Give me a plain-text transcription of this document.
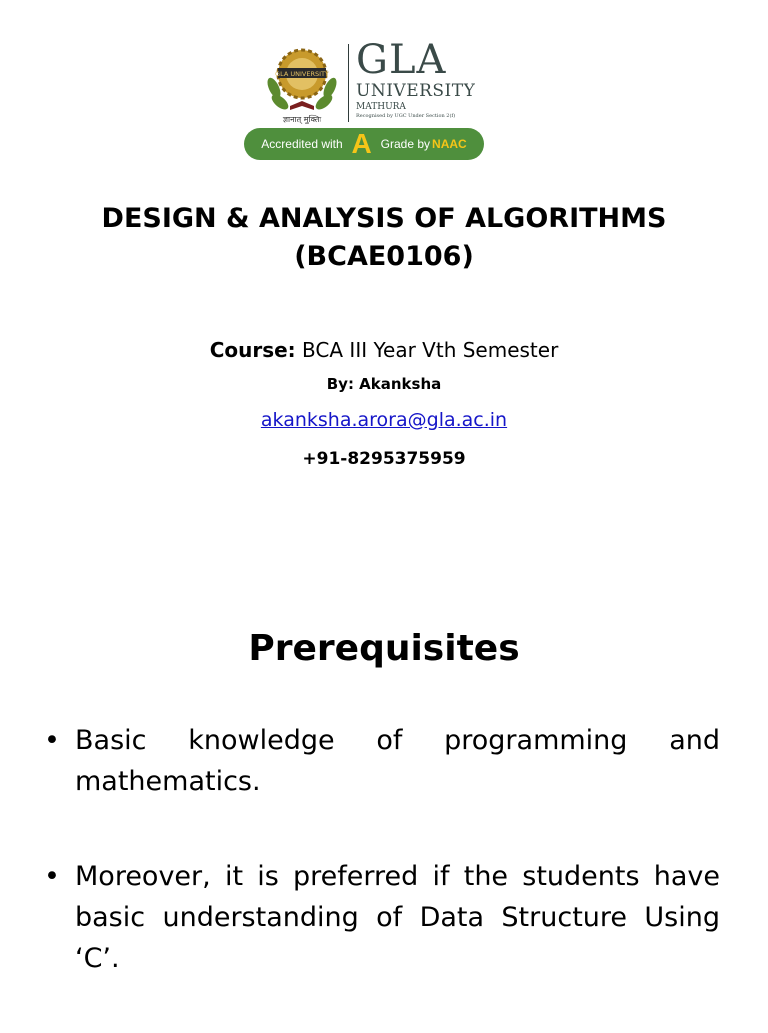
GLA UNIVERSITY
ज्ञानात् मुक्तिः
GLA
UNIVERSITY
MATHURA
Recognised by UGC Under Section 2(f)
Accredited with A Grade by NAAC
DESIGN & ANALYSIS OF ALGORITHMS
(BCAE0106)
Course: BCA III Year Vth Semester
By: Akanksha
akanksha.arora@gla.ac.in
+91-8295375959
Prerequisites
• Basic knowledge of programming and mathematics.
• Moreover, it is preferred if the students have basic understanding of Data Structure Using ‘C’.
